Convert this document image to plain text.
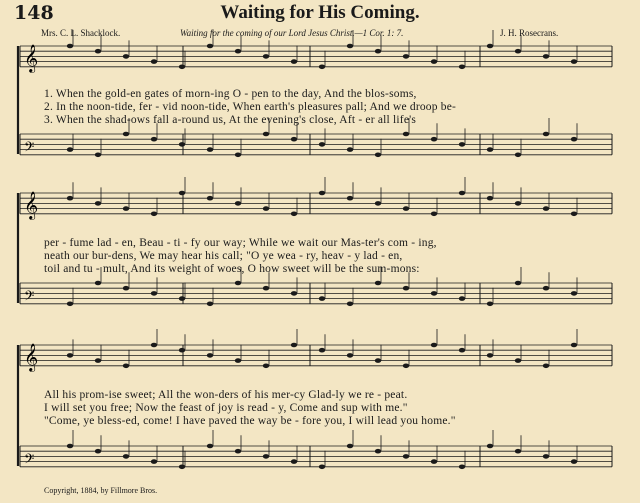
𝄞
𝄢
𝄞
𝄢
𝄞
𝄢
148	Waiting for His Coming.
Mrs. C. L. Shacklock.	Waiting for the coming of our Lord Jesus Christ.—1 Cor. 1: 7.	J. H. Rosecrans.
1. When the gold-en gates of morn-ing O - pen to the day, And the blos-soms,
2. In the noon-tide, fer - vid noon-tide, When earth's pleasures pall; And we droop be-
3. When the shad-ows fall a-round us, At the evening's close, Aft - er all life's
per - fume lad - en, Beau - ti - fy our way; While we wait our Mas-ter's com - ing,
neath our bur-dens, We may hear his call; "O ye wea - ry, heav - y lad - en,
toil and tu - mult, And its weight of woes, O how sweet will be the sum-mons:
All his prom-ise sweet; All the won-ders of his mer-cy Glad-ly we re - peat.
I will set you free; Now the feast of joy is read - y, Come and sup with me."
"Come, ye bless-ed, come! I have paved the way be - fore you, I will lead you home."
Copyright, 1884, by Fillmore Bros.
